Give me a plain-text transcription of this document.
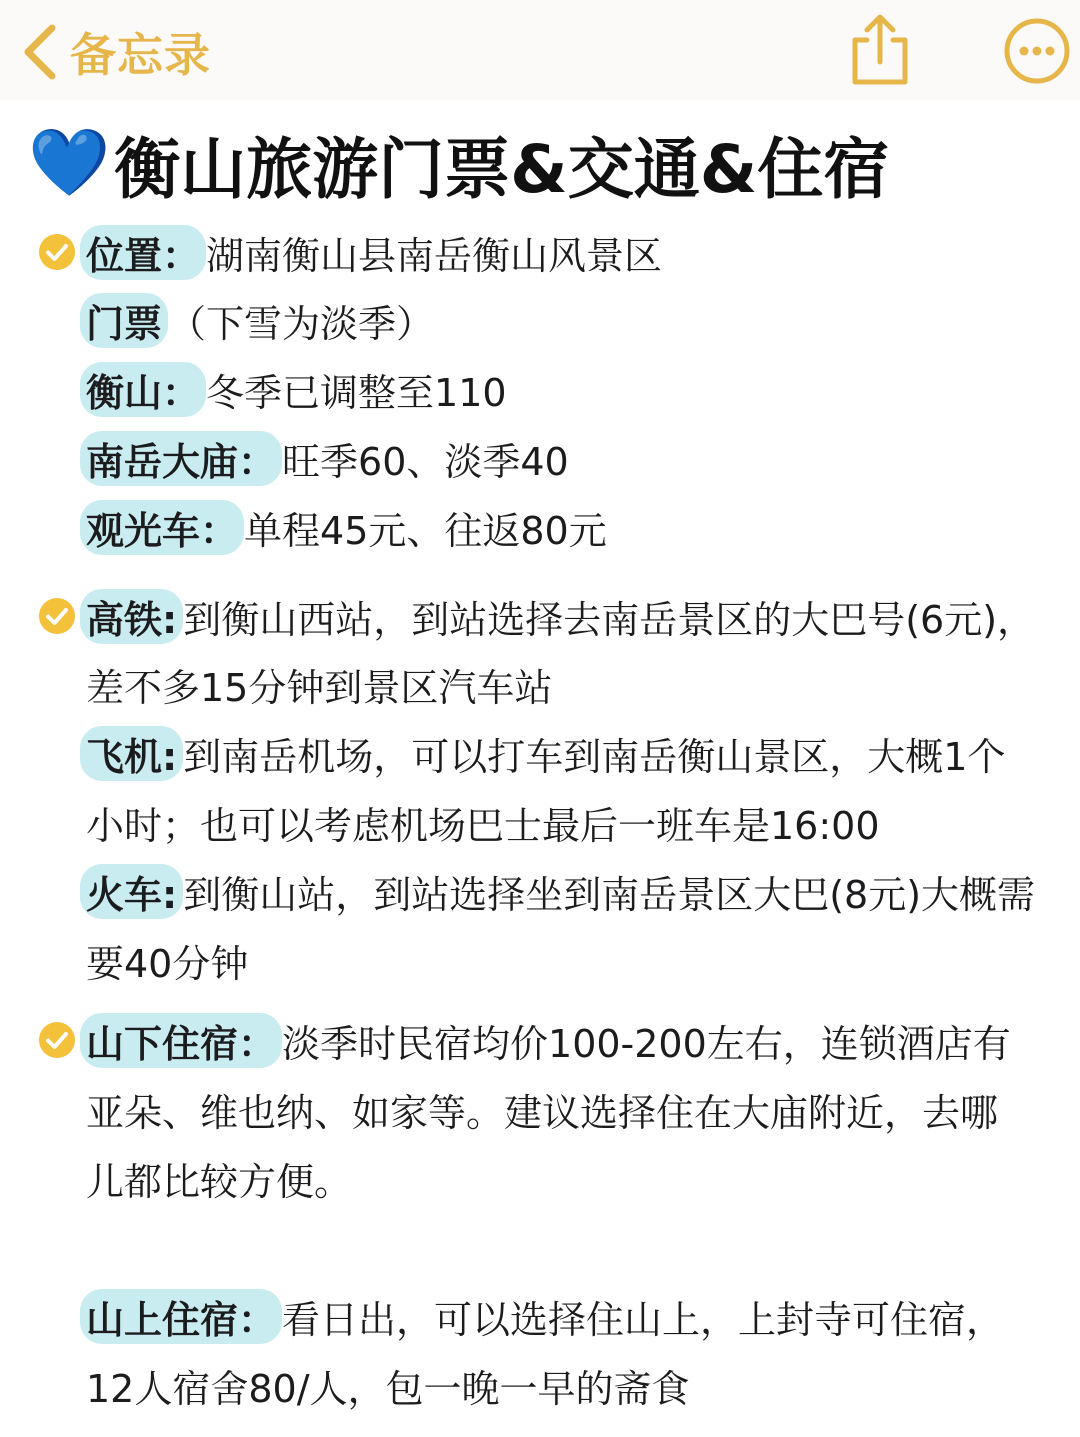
备忘录
💙 衡山旅游门票&交通&住宿
位置： 湖南衡山县南岳衡山风景区
门票 （下雪为淡季）
衡山： 冬季已调整至110
南岳大庙： 旺季60、淡季40
观光车： 单程45元、往返80元
高铁: 到衡山西站，到站选择去南岳景区的大巴号(6元)，
差不多15分钟到景区汽车站
飞机: 到南岳机场，可以打车到南岳衡山景区，大概1个
小时；也可以考虑机场巴士最后一班车是16:00
火车: 到衡山站，到站选择坐到南岳景区大巴(8元)大概需
要40分钟
山下住宿： 淡季时民宿均价100-200左右，连锁酒店有
亚朵、维也纳、如家等。建议选择住在大庙附近，去哪
儿都比较方便。
山上住宿： 看日出，可以选择住山上，上封寺可住宿，
12人宿舍80/人，包一晚一早的斋食
